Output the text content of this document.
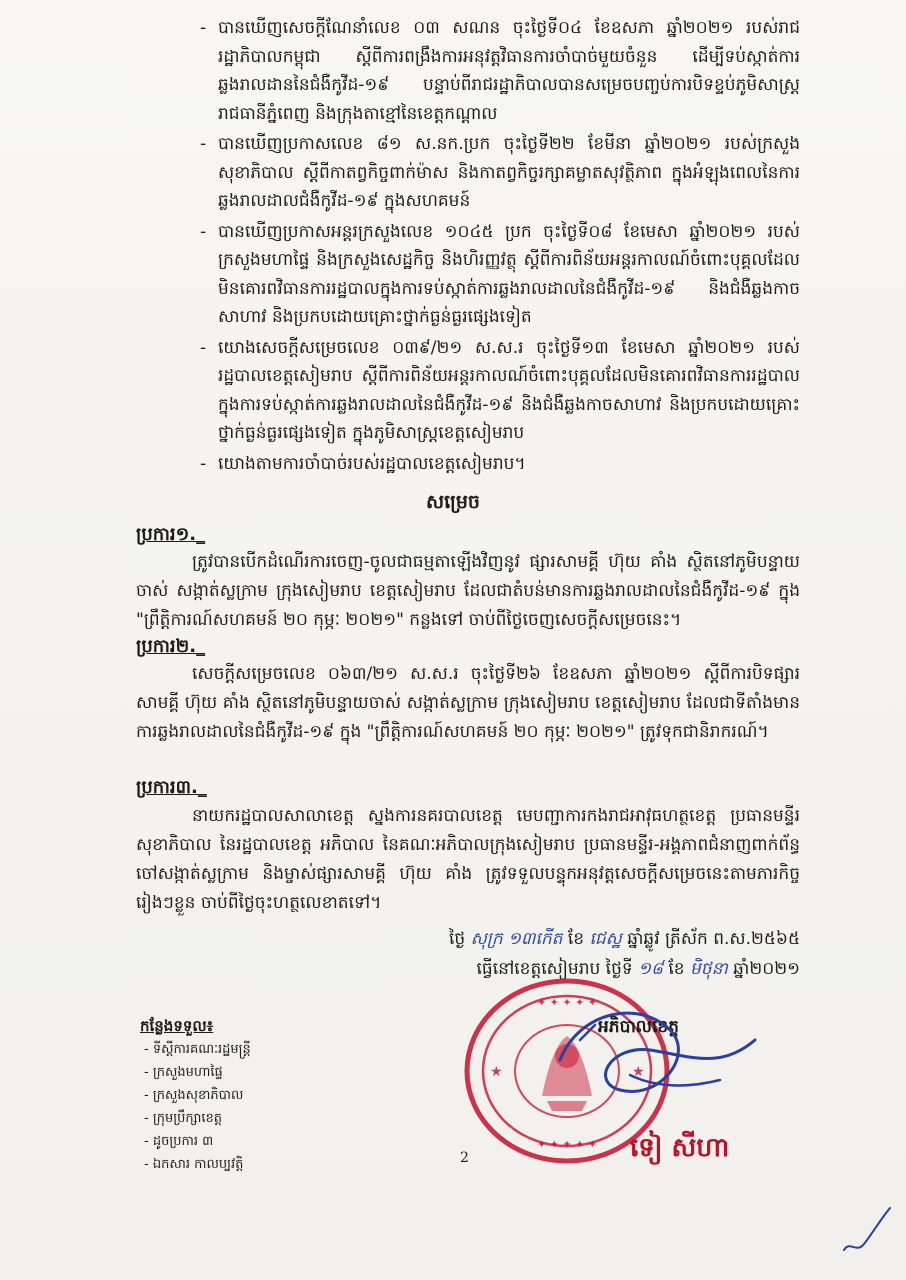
- បានឃើញសេចក្តីណែនាំលេខ ០៣ សណន ចុះថ្ងៃទី០៤ ខែឧសភា ឆ្នាំ២០២១ របស់រាជរដ្ឋាភិបាលកម្ពុជា ស្តីពីការពង្រឹងការអនុវត្តវិធានការចាំបាច់មួយចំនួន ដើម្បីទប់ស្កាត់ការឆ្លងរាលដាននៃជំងឺកូវីដ-១៩ បន្ទាប់ពីរាជរដ្ឋាភិបាលបានសម្រេចបញ្ចប់ការបិទខ្ទប់ភូមិសាស្ត្ររាជធានីភ្នំពេញ និងក្រុងតាខ្មៅនៃខេត្តកណ្តាល
- បានឃើញប្រកាសលេខ ៨១ ស.នក.ប្រក ចុះថ្ងៃទី២២ ខែមីនា ឆ្នាំ២០២១ របស់ក្រសួងសុខាភិបាល ស្តីពីកាតព្វកិច្ចពាក់ម៉ាស និងកាតព្វកិច្ចរក្សាគម្លាតសុវត្ថិភាព ក្នុងអំឡុងពេលនៃការឆ្លងរាលដាលជំងឺកូវីដ-១៩ ក្នុងសហគមន៍
- បានឃើញប្រកាសអន្តរក្រសួងលេខ ១០៤៥ ប្រក ចុះថ្ងៃទី០៨ ខែមេសា ឆ្នាំ២០២១ របស់ក្រសួងមហាផ្ទៃ និងក្រសួងសេដ្ឋកិច្ច និងហិរញ្ញវត្ថុ ស្តីពីការពិន័យអន្តរកាលណ៍ចំពោះបុគ្គលដែលមិនគោរពវិធានការរដ្ឋបាលក្នុងការទប់ស្កាត់ការឆ្លងរាលដាលនៃជំងឺកូវីដ-១៩ និងជំងឺឆ្លងកាចសាហាវ និងប្រកបដោយគ្រោះថ្នាក់ធ្ងន់ធ្ងរផ្សេងទៀត
- យោងសេចក្តីសម្រេចលេខ ០៣៩/២១ ស.ស.រ ចុះថ្ងៃទី១៣ ខែមេសា ឆ្នាំ២០២១ របស់រដ្ឋបាលខេត្តសៀមរាប ស្តីពីការពិន័យអន្តរកាលណ៍ចំពោះបុគ្គលដែលមិនគោរពវិធានការរដ្ឋបាលក្នុងការទប់ស្កាត់ការឆ្លងរាលដាលនៃជំងឺកូវីដ-១៩ និងជំងឺឆ្លងកាចសាហាវ និងប្រកបដោយគ្រោះថ្នាក់ធ្ងន់ធ្ងរផ្សេងទៀត ក្នុងភូមិសាស្ត្រខេត្តសៀមរាប
- យោងតាមការចាំបាច់របស់រដ្ឋបាលខេត្តសៀមរាប។
សម្រេច
ប្រការ១._
ត្រូវបានបើកដំណើរការចេញ-ចូលជាធម្មតាឡើងវិញនូវ ផ្សារសាមគ្គី ហ៊ុយ គាំង ស្ថិតនៅភូមិបន្ទាយចាស់ សង្កាត់ស្លក្រាម ក្រុងសៀមរាប ខេត្តសៀមរាប ដែលជាតំបន់មានការឆ្លងរាលដាលនៃជំងឺកូវីដ-១៩ ក្នុង "ព្រឹត្តិការណ៍សហគមន៍ ២០ កុម្ភៈ ២០២១" កន្លងទៅ ចាប់ពីថ្ងៃចេញសេចក្តីសម្រេចនេះ។
ប្រការ២._
សេចក្តីសម្រេចលេខ ០៦៣/២១ ស.ស.រ ចុះថ្ងៃទី២៦ ខែឧសភា ឆ្នាំ២០២១ ស្តីពីការបិទផ្សារសាមគ្គី ហ៊ុយ គាំង ស្ថិតនៅភូមិបន្ទាយចាស់ សង្កាត់ស្លក្រាម ក្រុងសៀមរាប ខេត្តសៀមរាប ដែលជាទីតាំងមានការឆ្លងរាលដាលនៃជំងឺកូវីដ-១៩ ក្នុង "ព្រឹត្តិការណ៍សហគមន៍ ២០ កុម្ភៈ ២០២១" ត្រូវទុកជានិរាករណ៍។
ប្រការ៣._
នាយករដ្ឋបាលសាលាខេត្ត ស្នងការនគរបាលខេត្ត មេបញ្ជាការកងរាជអាវុធហត្ថខេត្ត ប្រធានមន្ទីរសុខាភិបាល នៃរដ្ឋបាលខេត្ត អភិបាល នៃគណៈអភិបាលក្រុងសៀមរាប ប្រធានមន្ទីរ-អង្គភាពជំនាញពាក់ព័ន្ធ ចៅសង្កាត់ស្លក្រាម និងម្ចាស់ផ្សារសាមគ្គី ហ៊ុយ គាំង ត្រូវទទួលបន្ទុកអនុវត្តសេចក្តីសម្រេចនេះតាមភារកិច្ចរៀងៗខ្លួន ចាប់ពីថ្ងៃចុះហត្ថលេខាតទៅ។
ថ្ងៃ សុក្រ ១៣កើត ខែ ជេស្ឋ ឆ្នាំឆ្លូវ ត្រីស័ក ព.ស.២៥៦៥
ធ្វើនៅខេត្តសៀមរាប ថ្ងៃទី ១៨ ខែ មិថុនា ឆ្នាំ២០២១
✦ ✦ ✦ ✦ ✦
✦ ✦ ✦ ✦ ✦
★	★
អភិបាលខេត្ត
ទៀ សីហា
កន្លែងទទួល៖
- ទីស្តីការគណៈរដ្ឋមន្ត្រី
- ក្រសួងមហាផ្ទៃ
- ក្រសួងសុខាភិបាល
- ក្រុមប្រឹក្សាខេត្ត
- ដូចប្រការ ៣
- ឯកសារ កាលប្បវត្តិ	2
